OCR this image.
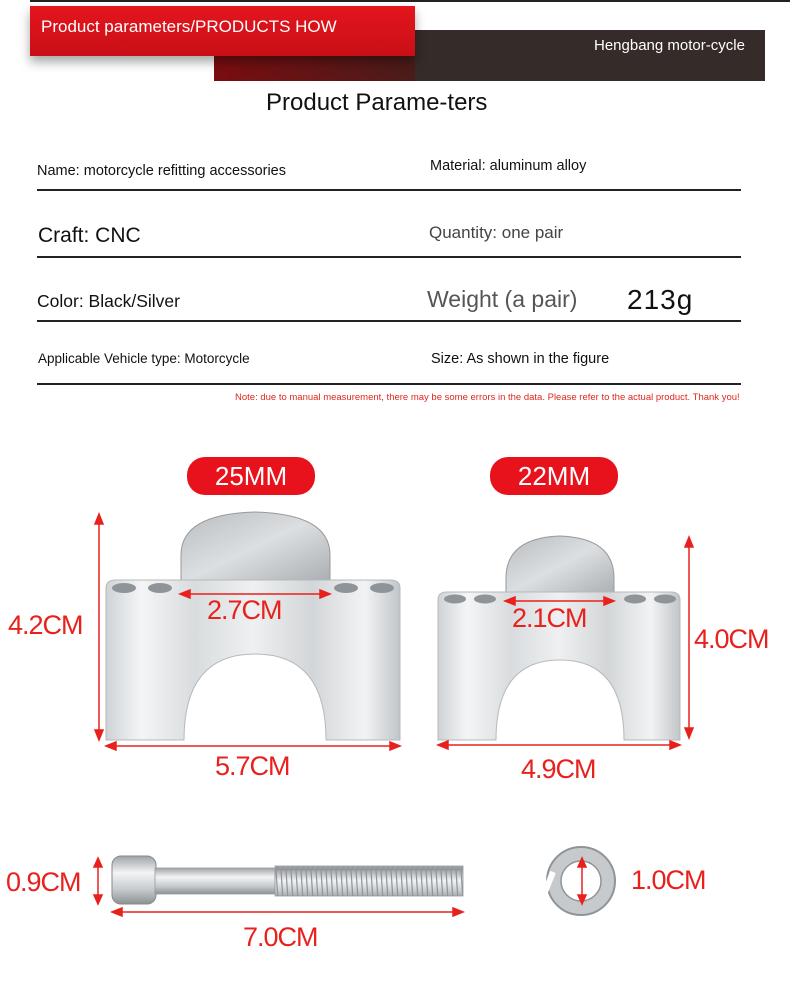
Product parameters/PRODUCTS HOW
Hengbang motor-cycle
Product Parame-ters
Name: motorcycle refitting accessories	Material: aluminum alloy
Craft: CNC	Quantity: one pair
Color: Black/Silver	Weight (a pair) 213g
Applicable Vehicle type: Motorcycle	Size: As shown in the figure
Note: due to manual measurement, there may be some errors in the data. Please refer to the actual product. Thank you!
25MM	22MM
4.2CM	2.7CM
5.7CM
4.0CM
2.1CM
4.9CM
0.9CM
7.0CM
1.0CM
